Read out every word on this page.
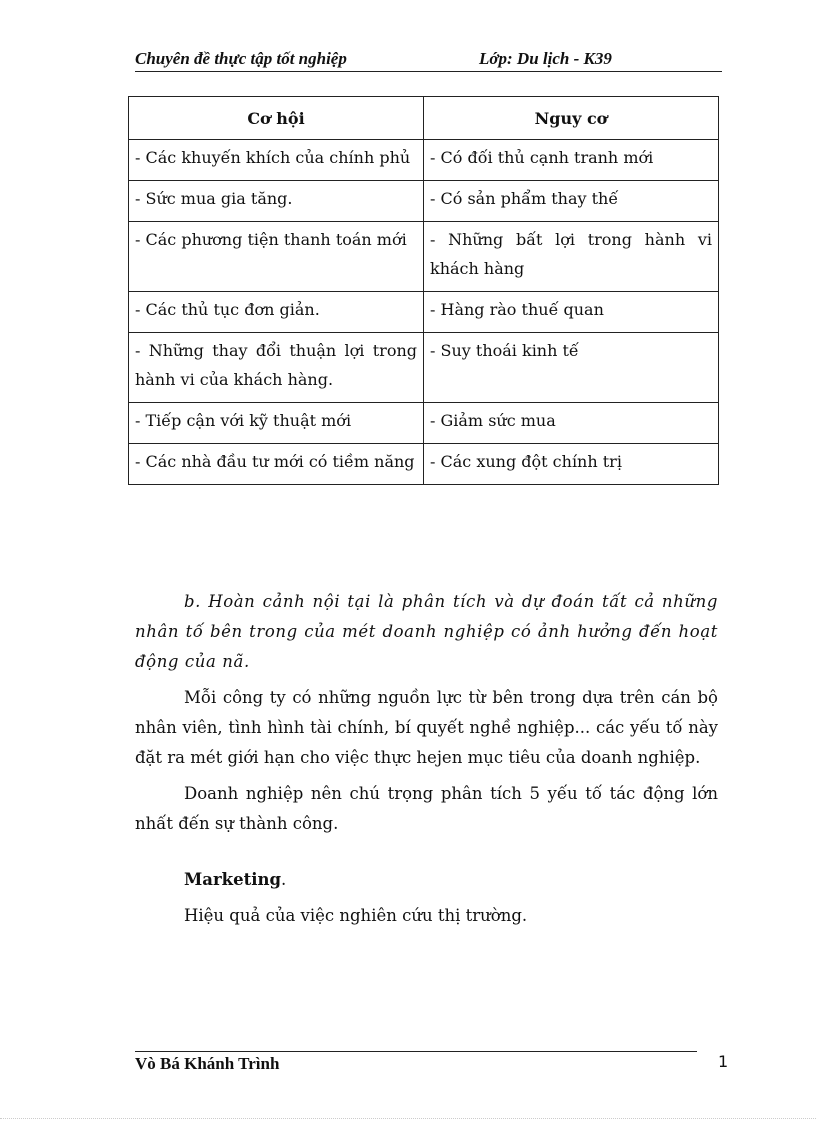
Chuyên đề thực tập tốt nghiệp	Lớp: Du lịch - K39
Cơ hội	Nguy cơ
- Các khuyến khích của chính phủ	- Có đối thủ cạnh tranh mới
- Sức mua gia tăng.	- Có sản phẩm thay thế
- Các phương tiện thanh toán mới	- Những bất lợi trong hành vi khách hàng
- Các thủ tục đơn giản.	- Hàng rào thuế quan
- Những thay đổi thuận lợi trong hành vi của khách hàng.	- Suy thoái kinh tế
- Tiếp cận với kỹ thuật mới	- Giảm sức mua
- Các nhà đầu tư mới có tiềm năng	- Các xung đột chính trị

b. Hoàn cảnh nội tại là phân tích và dự đoán tất cả những nhân tố bên trong của mét doanh nghiệp có ảnh hưởng đến hoạt động của nã.

Mỗi công ty có những nguồn lực từ bên trong dựa trên cán bộ nhân viên, tình hình tài chính, bí quyết nghề nghiệp... các yếu tố này đặt ra mét giới hạn cho việc thực hejen mục tiêu của doanh nghiệp.

Doanh nghiệp nên chú trọng phân tích 5 yếu tố tác động lớn nhất đến sự thành công.

Marketing.

Hiệu quả của việc nghiên cứu thị trường.

Vò Bá Khánh Trình	1
